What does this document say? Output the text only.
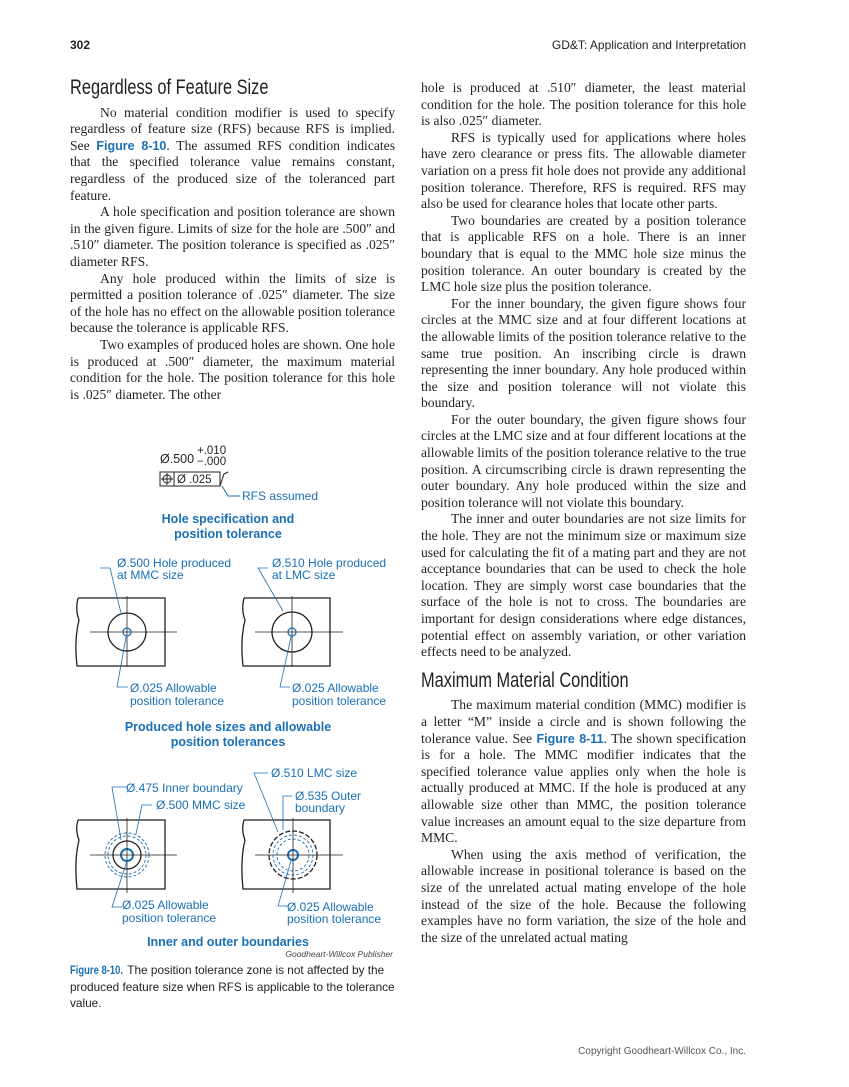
302	GD&T: Application and Interpretation
Regardless of Feature Size

No material condition modifier is used to specify regardless of feature size (RFS) because RFS is implied. See Figure 8-10. The assumed RFS condition indicates that the specified tolerance value remains constant, regardless of the produced size of the toleranced part feature.

A hole specification and position tolerance are shown in the given figure. Limits of size for the hole are .500″ and .510″ diameter. The position tolerance is specified as .025″ diameter RFS.

Any hole produced within the limits of size is permitted a position tolerance of .025″ diameter. The size of the hole has no effect on the allowable position tolerance because the tolerance is applicable RFS.

Two examples of produced holes are shown. One hole is produced at .500″ diameter, the maximum material condition for the hole. The position tolerance for this hole is .025″ diameter. The other

Ø.500
+.010
−.000
Ø .025
RFS assumed
Hole specification and
position tolerance
Ø.500 Hole produced
at MMC size
Ø.025 Allowable
position tolerance
Ø.510 Hole produced
at LMC size
Ø.025 Allowable
position tolerance
Produced hole sizes and allowable
position tolerances
Ø.475 Inner boundary
Ø.500 MMC size
Ø.025 Allowable
position tolerance
Ø.510 LMC size
Ø.535 Outer
boundary
Ø.025 Allowable
position tolerance
Inner and outer boundaries
Goodheart-Willcox Publisher
Figure 8-10. The position tolerance zone is not affected by the produced feature size when RFS is applicable to the tolerance value.

hole is produced at .510″ diameter, the least material condition for the hole. The position tolerance for this hole is also .025″ diameter.

RFS is typically used for applications where holes have zero clearance or press fits. The allowable diameter variation on a press fit hole does not provide any additional position tolerance. Therefore, RFS is required. RFS may also be used for clearance holes that locate other parts.

Two boundaries are created by a position tolerance that is applicable RFS on a hole. There is an inner boundary that is equal to the MMC hole size minus the position tolerance. An outer boundary is created by the LMC hole size plus the position tolerance.

For the inner boundary, the given figure shows four circles at the MMC size and at four different locations at the allowable limits of the position tolerance relative to the same true position. An inscribing circle is drawn representing the inner boundary. Any hole produced within the size and position tolerance will not violate this boundary.

For the outer boundary, the given figure shows four circles at the LMC size and at four different locations at the allowable limits of the position tolerance relative to the true position. A circumscribing circle is drawn representing the outer boundary. Any hole produced within the size and position tolerance will not violate this boundary.

The inner and outer boundaries are not size limits for the hole. They are not the minimum size or maximum size used for calculating the fit of a mating part and they are not acceptance boundaries that can be used to check the hole location. They are simply worst case boundaries that the surface of the hole is not to cross. The boundaries are important for design considerations where edge distances, potential effect on assembly variation, or other variation effects need to be analyzed.

Maximum Material Condition

The maximum material condition (MMC) modifier is a letter “M” inside a circle and is shown following the tolerance value. See Figure 8-11. The shown specification is for a hole. The MMC modifier indicates that the specified tolerance value applies only when the hole is actually produced at MMC. If the hole is produced at any allowable size other than MMC, the position tolerance value increases an amount equal to the size departure from MMC.

When using the axis method of verification, the allowable increase in positional tolerance is based on the size of the unrelated actual mating envelope of the hole instead of the size of the hole. Because the following examples have no form variation, the size of the hole and the size of the unrelated actual mating

Copyright Goodheart-Willcox Co., Inc.
